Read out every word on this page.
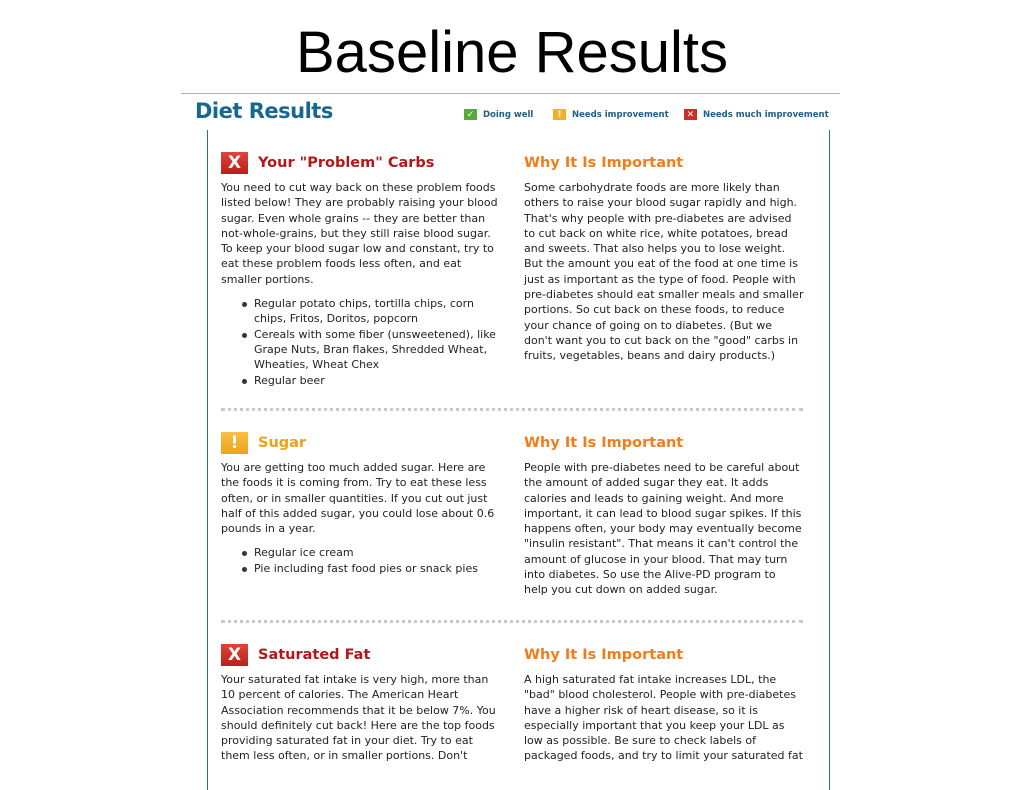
Baseline Results
Diet Results	✓	Doing well	!	Needs improvement	✕	Needs much improvement
X	Your "Problem" Carbs
You need to cut way back on these problem foods
listed below! They are probably raising your blood
sugar. Even whole grains -- they are better than
not-whole-grains, but they still raise blood sugar.
To keep your blood sugar low and constant, try to
eat these problem foods less often, and eat
smaller portions.
Regular potato chips, tortilla chips, corn
chips, Fritos, Doritos, popcorn
Cereals with some fiber (unsweetened), like
Grape Nuts, Bran flakes, Shredded Wheat,
Wheaties, Wheat Chex
Regular beer
Why It Is Important
Some carbohydrate foods are more likely than
others to raise your blood sugar rapidly and high.
That's why people with pre-diabetes are advised
to cut back on white rice, white potatoes, bread
and sweets. That also helps you to lose weight.
But the amount you eat of the food at one time is
just as important as the type of food. People with
pre-diabetes should eat smaller meals and smaller
portions. So cut back on these foods, to reduce
your chance of going on to diabetes. (But we
don't want you to cut back on the "good" carbs in
fruits, vegetables, beans and dairy products.)
!	Sugar
You are getting too much added sugar. Here are
the foods it is coming from. Try to eat these less
often, or in smaller quantities. If you cut out just
half of this added sugar, you could lose about 0.6
pounds in a year.
Regular ice cream
Pie including fast food pies or snack pies
Why It Is Important
People with pre-diabetes need to be careful about
the amount of added sugar they eat. It adds
calories and leads to gaining weight. And more
important, it can lead to blood sugar spikes. If this
happens often, your body may eventually become
"insulin resistant". That means it can't control the
amount of glucose in your blood. That may turn
into diabetes. So use the Alive-PD program to
help you cut down on added sugar.
X	Saturated Fat
Your saturated fat intake is very high, more than
10 percent of calories. The American Heart
Association recommends that it be below 7%. You
should definitely cut back! Here are the top foods
providing saturated fat in your diet. Try to eat
them less often, or in smaller portions. Don't
Why It Is Important
A high saturated fat intake increases LDL, the
"bad" blood cholesterol. People with pre-diabetes
have a higher risk of heart disease, so it is
especially important that you keep your LDL as
low as possible. Be sure to check labels of
packaged foods, and try to limit your saturated fat
